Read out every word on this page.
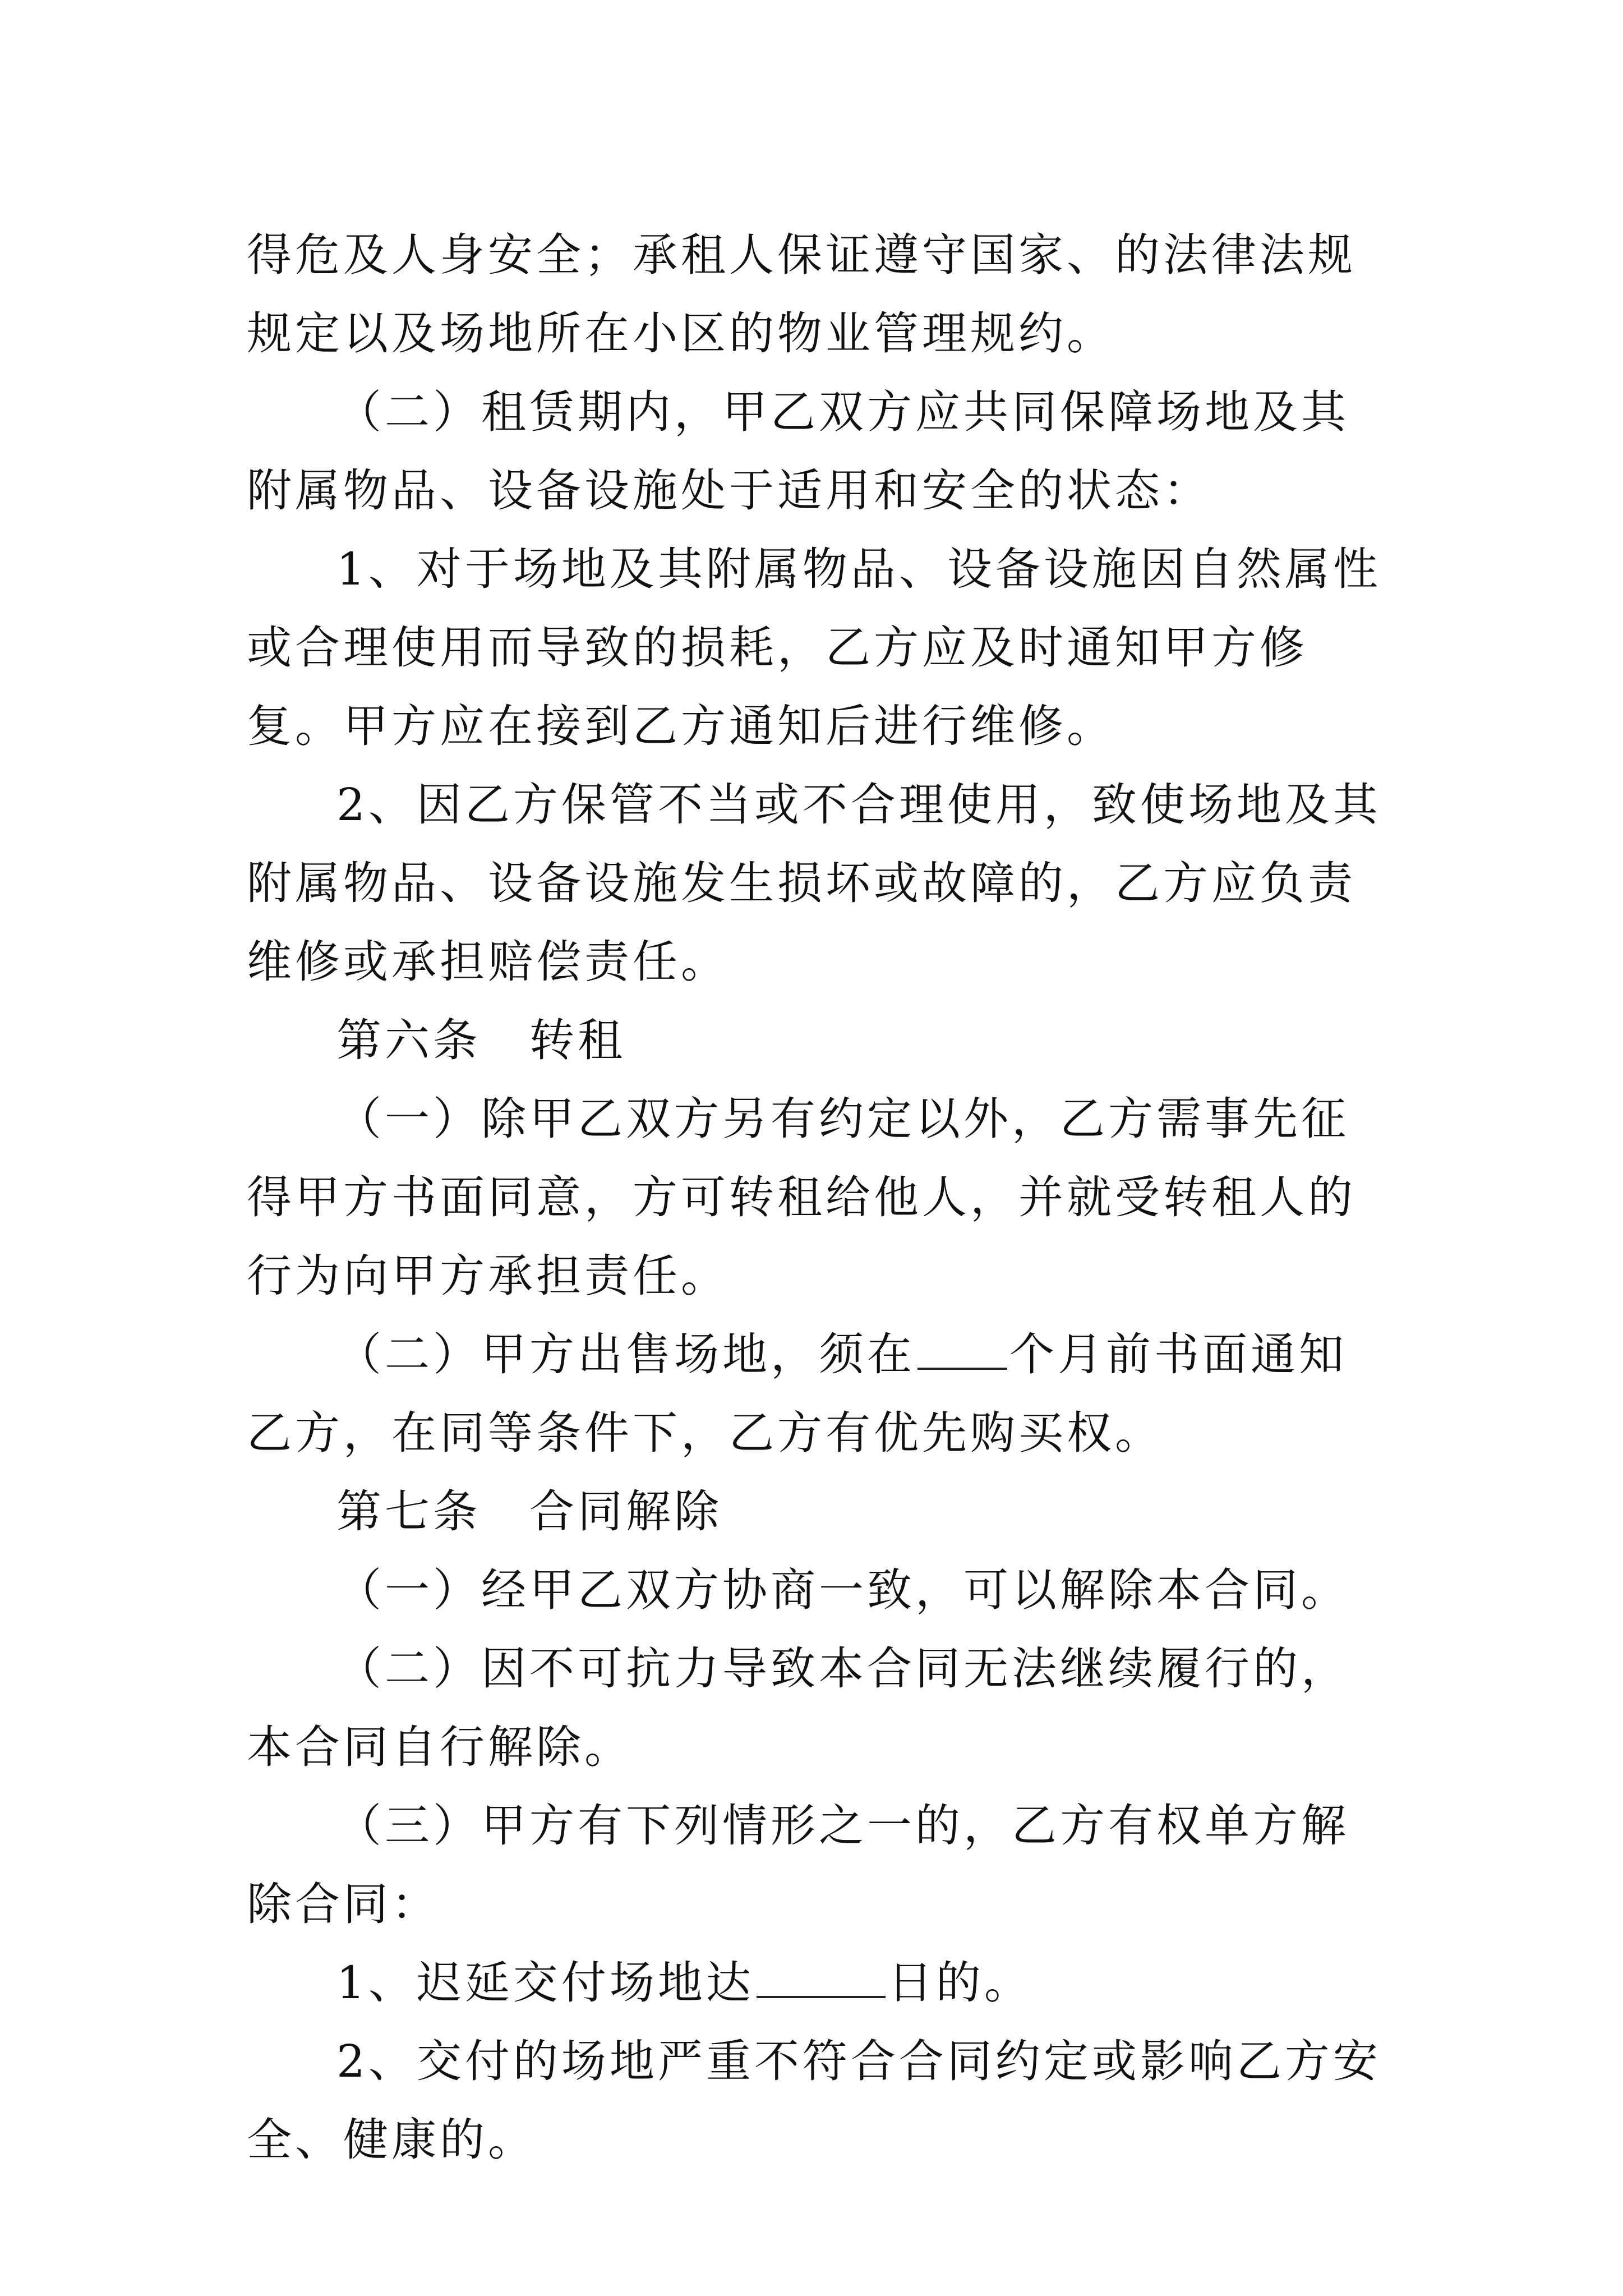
得危及人身安全；承租人保证遵守国家、的法律法规规定以及场地所在小区的物业管理规约。

（二）租赁期内，甲乙双方应共同保障场地及其附属物品、设备设施处于适用和安全的状态：

1、对于场地及其附属物品、设备设施因自然属性或合理使用而导致的损耗，乙方应及时通知甲方修复。甲方应在接到乙方通知后进行维修。

2、因乙方保管不当或不合理使用，致使场地及其附属物品、设备设施发生损坏或故障的，乙方应负责维修或承担赔偿责任。

第六条　转租

（一）除甲乙双方另有约定以外，乙方需事先征得甲方书面同意，方可转租给他人，并就受转租人的行为向甲方承担责任。

（二）甲方出售场地，须在 个月前书面通知乙方，在同等条件下，乙方有优先购买权。

第七条　合同解除

（一）经甲乙双方协商一致，可以解除本合同。

（二）因不可抗力导致本合同无法继续履行的，本合同自行解除。

（三）甲方有下列情形之一的，乙方有权单方解除合同：

1、迟延交付场地达	日的。

2、交付的场地严重不符合合同约定或影响乙方安全、健康的。
